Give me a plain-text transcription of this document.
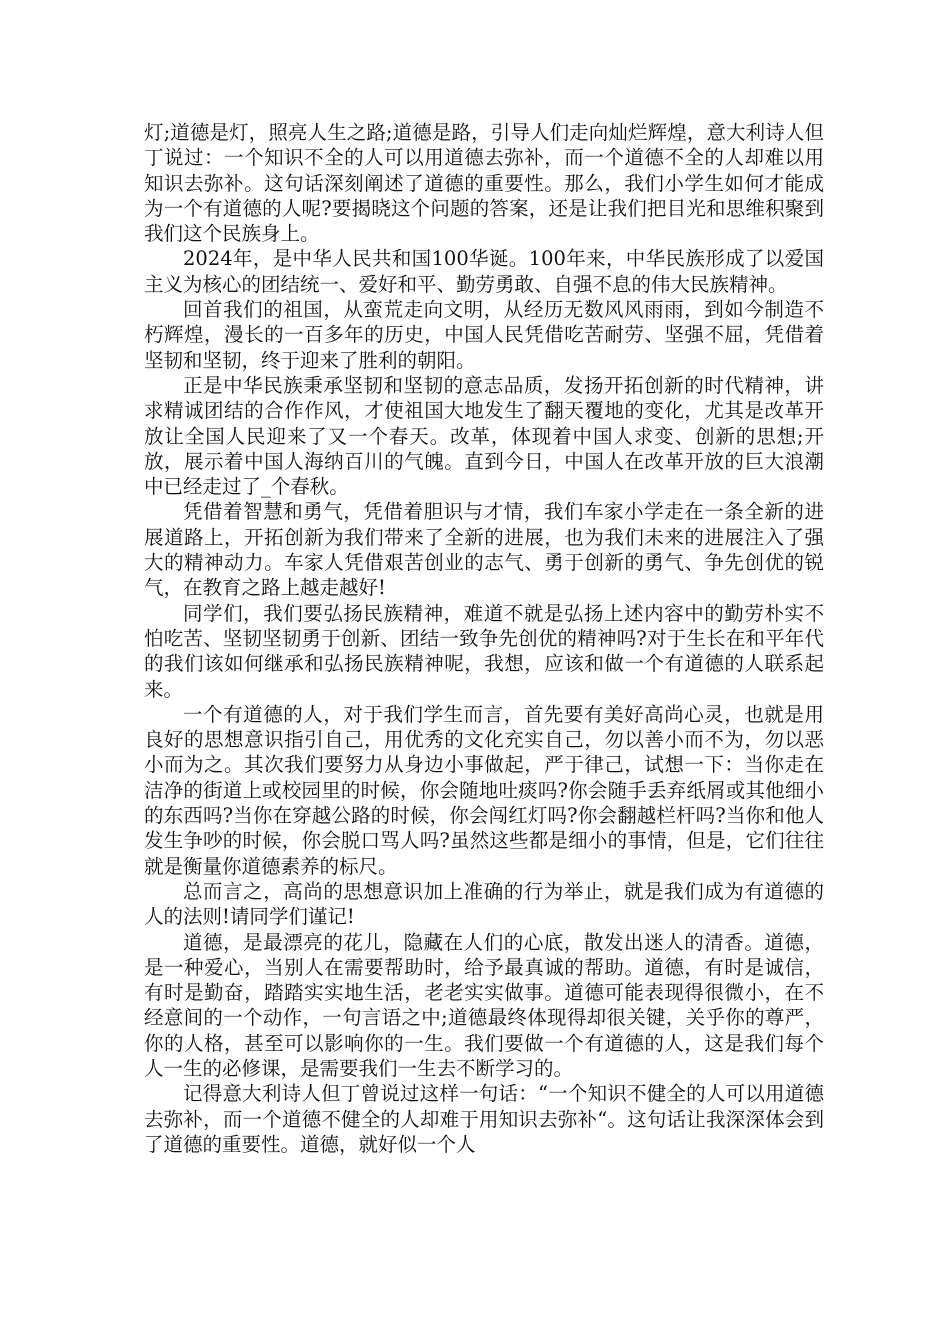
灯;道德是灯，照亮人生之路;道德是路，引导人们走向灿烂辉煌，意大利诗人但丁说过：一个知识不全的人可以用道德去弥补，而一个道德不全的人却难以用知识去弥补。这句话深刻阐述了道德的重要性。那么，我们小学生如何才能成为一个有道德的人呢?要揭晓这个问题的答案，还是让我们把目光和思维积聚到我们这个民族身上。

2024年，是中华人民共和国100华诞。100年来，中华民族形成了以爱国主义为核心的团结统一、爱好和平、勤劳勇敢、自强不息的伟大民族精神。

回首我们的祖国，从蛮荒走向文明，从经历无数风风雨雨，到如今制造不朽辉煌，漫长的一百多年的历史，中国人民凭借吃苦耐劳、坚强不屈，凭借着坚韧和坚韧，终于迎来了胜利的朝阳。

正是中华民族秉承坚韧和坚韧的意志品质，发扬开拓创新的时代精神，讲求精诚团结的合作作风，才使祖国大地发生了翻天覆地的变化，尤其是改革开放让全国人民迎来了又一个春天。改革，体现着中国人求变、创新的思想;开放，展示着中国人海纳百川的气魄。直到今日，中国人在改革开放的巨大浪潮中已经走过了_个春秋。

凭借着智慧和勇气，凭借着胆识与才情，我们车家小学走在一条全新的进展道路上，开拓创新为我们带来了全新的进展，也为我们未来的进展注入了强大的精神动力。车家人凭借艰苦创业的志气、勇于创新的勇气、争先创优的锐气，在教育之路上越走越好!

同学们，我们要弘扬民族精神，难道不就是弘扬上述内容中的勤劳朴实不怕吃苦、坚韧坚韧勇于创新、团结一致争先创优的精神吗?对于生长在和平年代的我们该如何继承和弘扬民族精神呢，我想，应该和做一个有道德的人联系起来。

一个有道德的人，对于我们学生而言，首先要有美好高尚心灵，也就是用良好的思想意识指引自己，用优秀的文化充实自己，勿以善小而不为，勿以恶小而为之。其次我们要努力从身边小事做起，严于律己，试想一下：当你走在洁净的街道上或校园里的时候，你会随地吐痰吗?你会随手丢弃纸屑或其他细小的东西吗?当你在穿越公路的时候，你会闯红灯吗?你会翻越栏杆吗?当你和他人发生争吵的时候，你会脱口骂人吗?虽然这些都是细小的事情，但是，它们往往就是衡量你道德素养的标尺。

总而言之，高尚的思想意识加上准确的行为举止，就是我们成为有道德的人的法则!请同学们谨记!

道德，是最漂亮的花儿，隐藏在人们的心底，散发出迷人的清香。道德，是一种爱心，当别人在需要帮助时，给予最真诚的帮助。道德，有时是诚信，有时是勤奋，踏踏实实地生活，老老实实做事。道德可能表现得很微小，在不经意间的一个动作，一句言语之中;道德最终体现得却很关键，关乎你的尊严，你的人格，甚至可以影响你的一生。我们要做一个有道德的人，这是我们每个人一生的必修课，是需要我们一生去不断学习的。

记得意大利诗人但丁曾说过这样一句话：“一个知识不健全的人可以用道德去弥补，而一个道德不健全的人却难于用知识去弥补“。这句话让我深深体会到了道德的重要性。道德，就好似一个人
